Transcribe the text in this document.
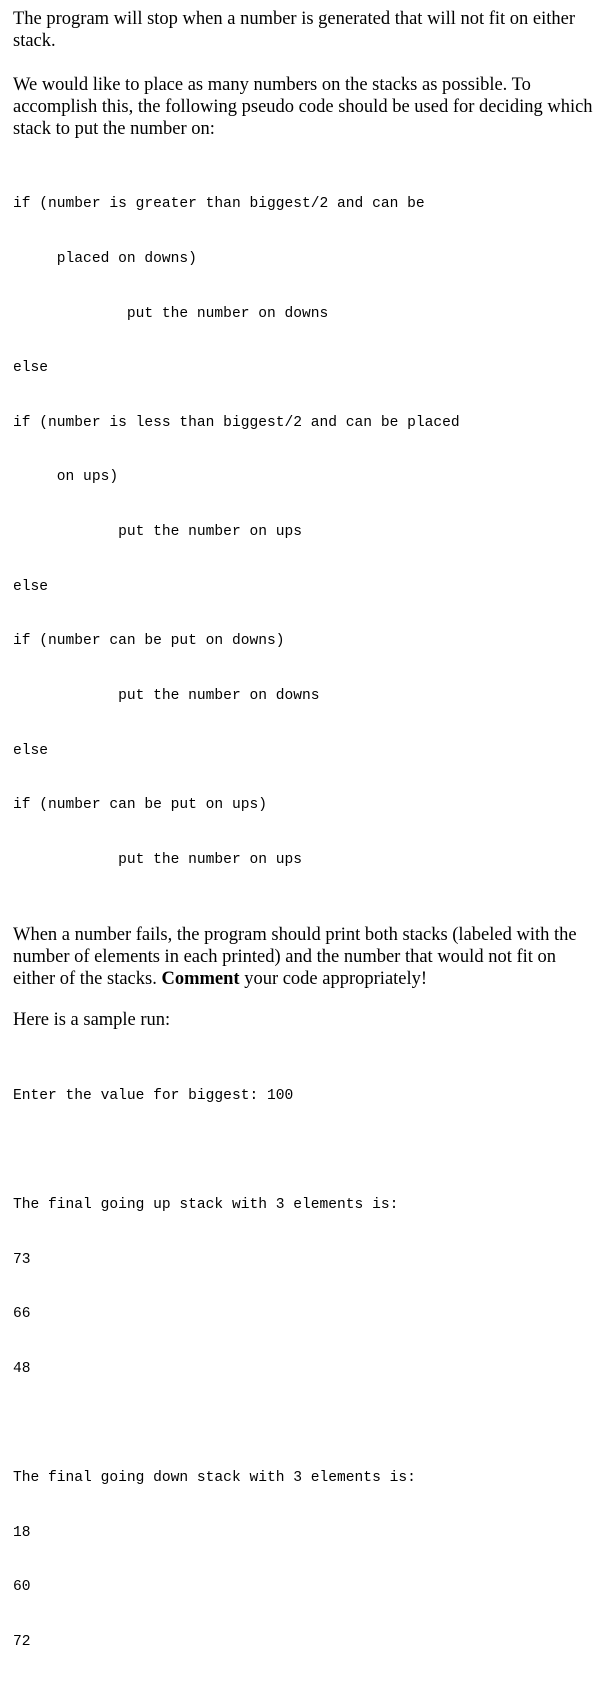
The program will stop when a number is generated that will not fit on either stack.

We would like to place as many numbers on the stacks as possible. To accomplish this, the following pseudo code should be used for deciding which stack to put the number on:

if (number is greater than biggest/2 and can be

placed on downs)

put the number on downs

else

if (number is less than biggest/2 and can be placed

on ups)

put the number on ups

else

if (number can be put on downs)

put the number on downs

else

if (number can be put on ups)

put the number on ups

When a number fails, the program should print both stacks (labeled with the number of elements in each printed) and the number that would not fit on either of the stacks. Comment your code appropriately!

Here is a sample run:

Enter the value for biggest: 100

The final going up stack with 3 elements is:

73

66

48

The final going down stack with 3 elements is:

18

60

72
